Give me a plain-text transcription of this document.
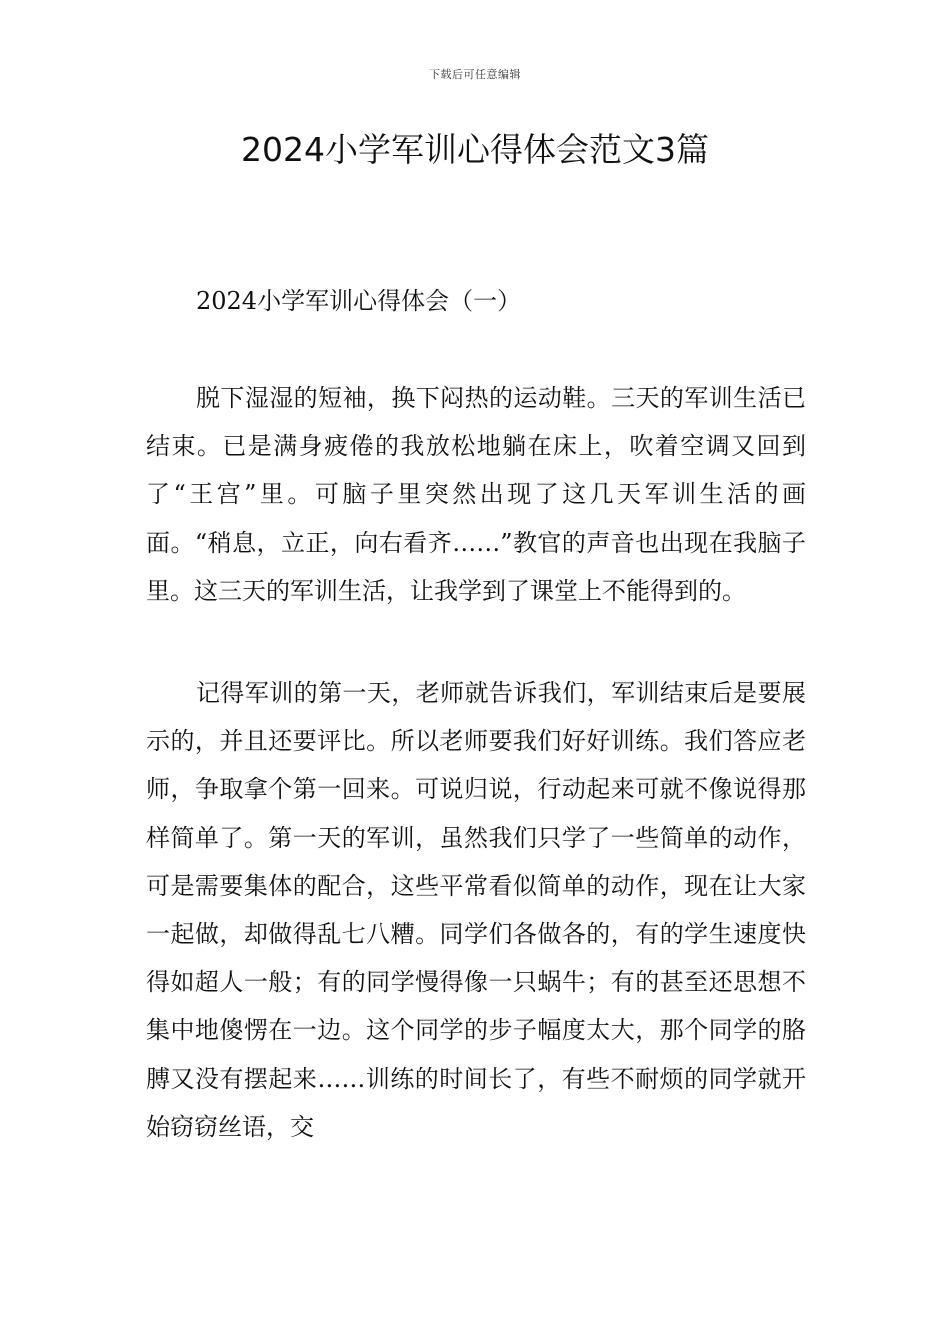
下载后可任意编辑
2024小学军训心得体会范文3篇

2024小学军训心得体会（一）

脱下湿湿的短袖，换下闷热的运动鞋。三天的军训生活已结束。已是满身疲倦的我放松地躺在床上，吹着空调又回到了“王宫”里。可脑子里突然出现了这几天军训生活的画面。“稍息，立正，向右看齐……”教官的声音也出现在我脑子里。这三天的军训生活，让我学到了课堂上不能得到的。

记得军训的第一天，老师就告诉我们，军训结束后是要展示的，并且还要评比。所以老师要我们好好训练。我们答应老师，争取拿个第一回来。可说归说，行动起来可就不像说得那样简单了。第一天的军训，虽然我们只学了一些简单的动作，可是需要集体的配合，这些平常看似简单的动作，现在让大家一起做，却做得乱七八糟。同学们各做各的，有的学生速度快得如超人一般；有的同学慢得像一只蜗牛；有的甚至还思想不集中地傻愣在一边。这个同学的步子幅度太大，那个同学的胳膊又没有摆起来……训练的时间长了，有些不耐烦的同学就开始窃窃丝语，交
